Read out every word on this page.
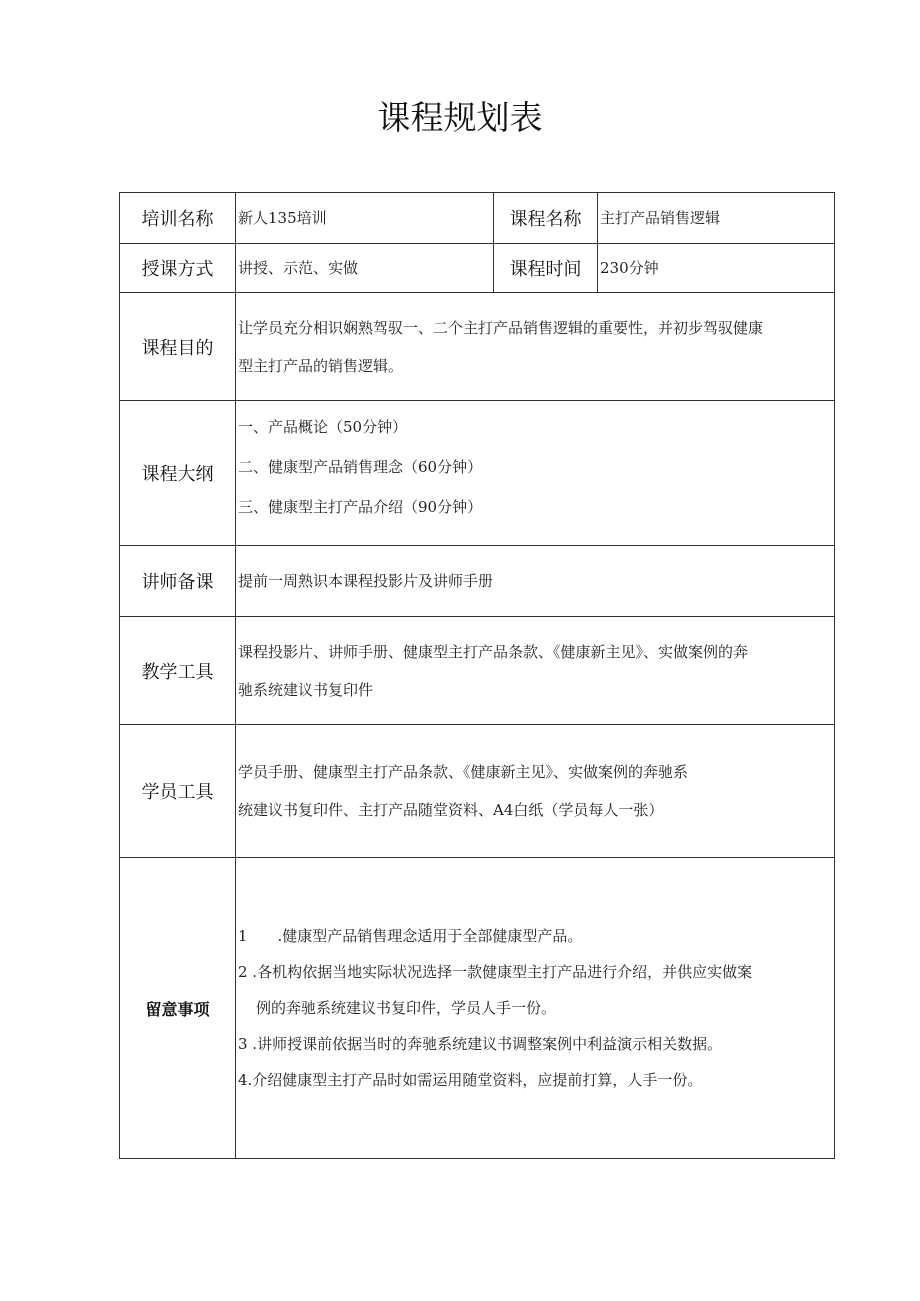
课程规划表
培训名称	新人135培训	课程名称	主打产品销售逻辑
授课方式	讲授、示范、实做	课程时间	230分钟
课程目的	让学员充分相识娴熟驾驭一、二个主打产品销售逻辑的重要性，并初步驾驭健康
型主打产品的销售逻辑。		

课程大纲	一、产品概论（50分钟）
二、健康型产品销售理念（60分钟）
三、健康型主打产品介绍（90分钟）		

讲师备课	提前一周熟识本课程投影片及讲师手册		
教学工具	课程投影片、讲师手册、健康型主打产品条款、《健康新主见》、实做案例的奔
驰系统建议书复印件		

学员工具	学员手册、健康型主打产品条款、《健康新主见》、实做案例的奔驰系
统建议书复印件、主打产品随堂资料、A4白纸（学员每人一张）		

留意事项	1　　.健康型产品销售理念适用于全部健康型产品。
2 .各机构依据当地实际状况选择一款健康型主打产品进行介绍，并供应实做案
例的奔驰系统建议书复印件，学员人手一份。
3 .讲师授课前依据当时的奔驰系统建议书调整案例中利益演示相关数据。
4.介绍健康型主打产品时如需运用随堂资料，应提前打算，人手一份。		
